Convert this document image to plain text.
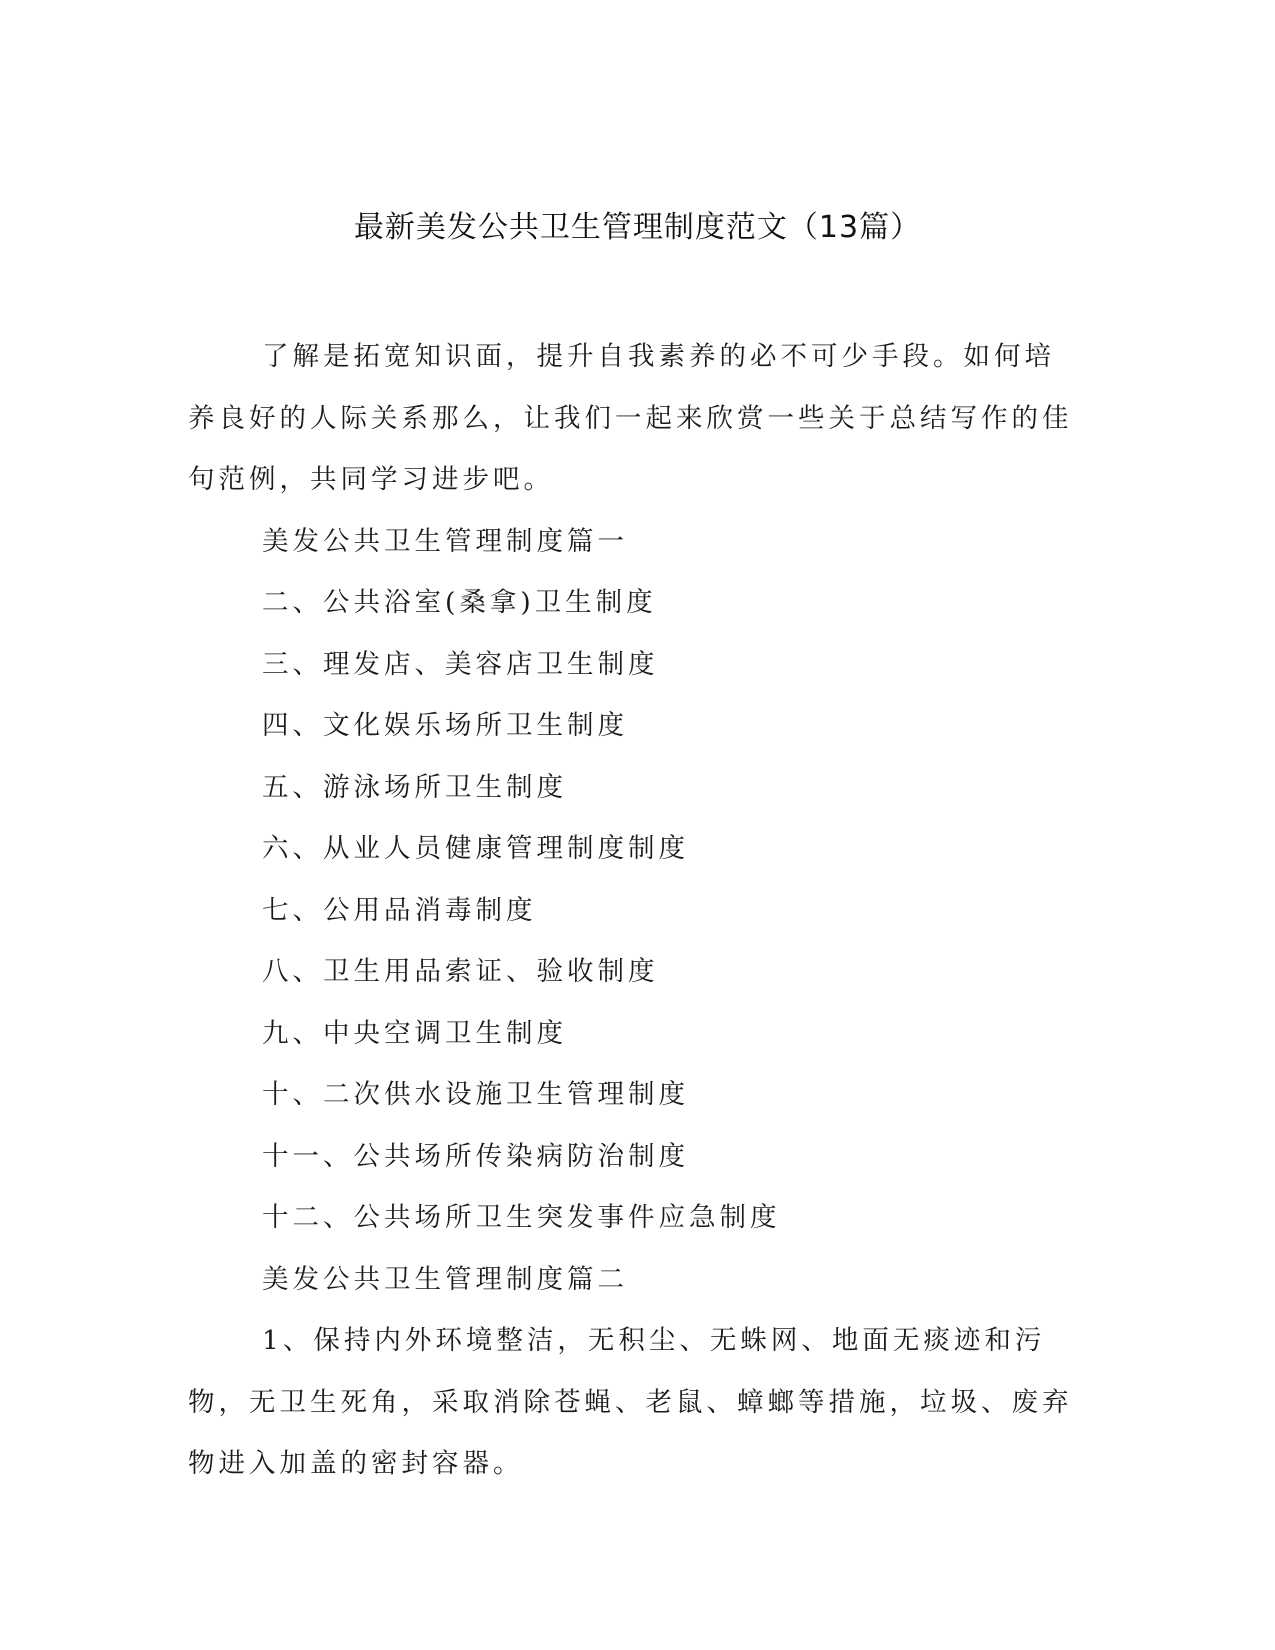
最新美发公共卫生管理制度范文（13篇）

了解是拓宽知识面，提升自我素养的必不可少手段。如何培养良好的人际关系那么，让我们一起来欣赏一些关于总结写作的佳句范例，共同学习进步吧。

美发公共卫生管理制度篇一

二、公共浴室(桑拿)卫生制度

三、理发店、美容店卫生制度

四、文化娱乐场所卫生制度

五、游泳场所卫生制度

六、从业人员健康管理制度制度

七、公用品消毒制度

八、卫生用品索证、验收制度

九、中央空调卫生制度

十、二次供水设施卫生管理制度

十一、公共场所传染病防治制度

十二、公共场所卫生突发事件应急制度

美发公共卫生管理制度篇二

1、保持内外环境整洁，无积尘、无蛛网、地面无痰迹和污物，无卫生死角，采取消除苍蝇、老鼠、蟑螂等措施，垃圾、废弃物进入加盖的密封容器。
